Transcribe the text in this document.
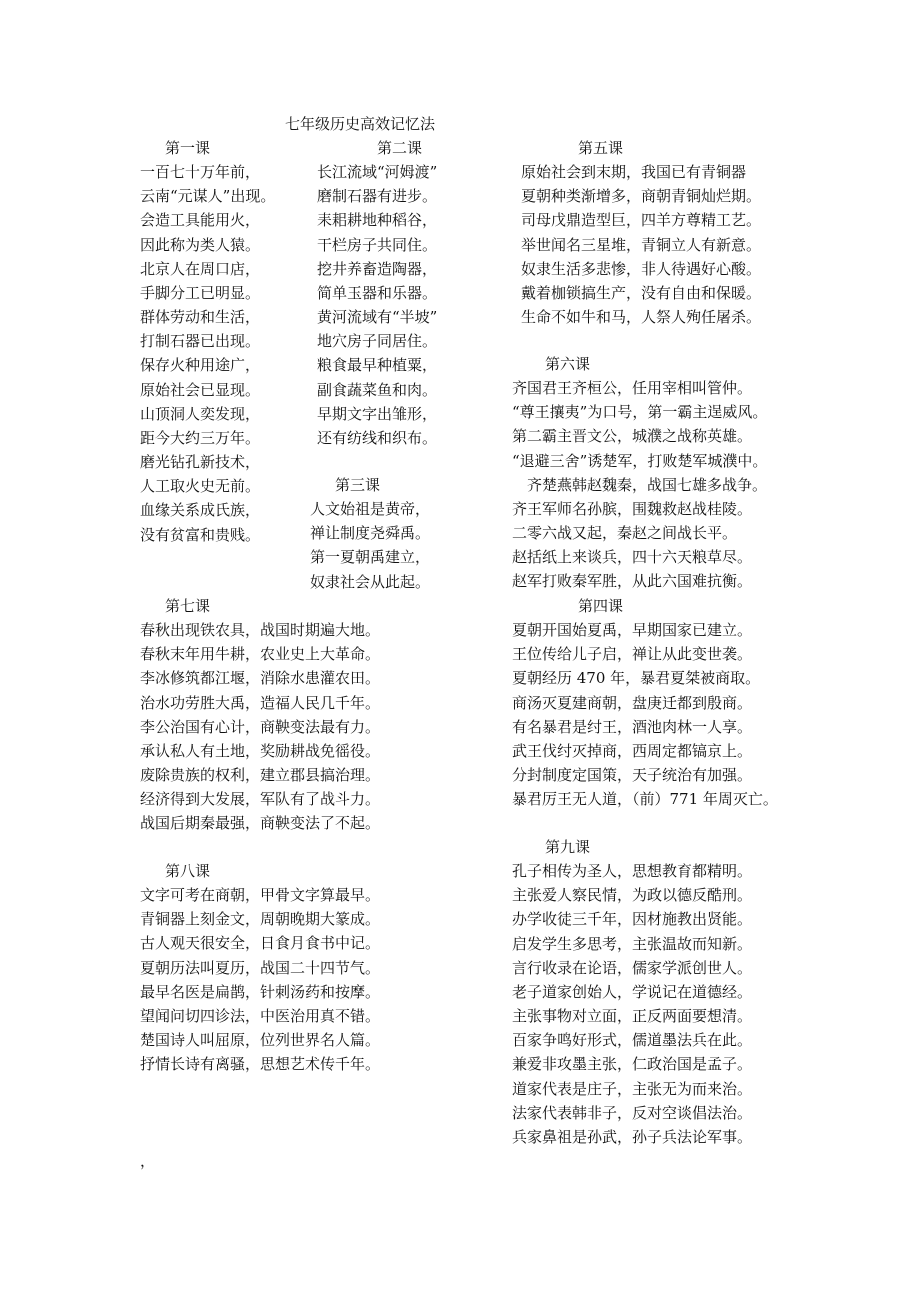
七年级历史高效记忆法
第一课
一百七十万年前，
云南“元谋人”出现。
会造工具能用火，
因此称为类人猿。
北京人在周口店，
手脚分工已明显。
群体劳动和生活，
打制石器已出现。
保存火种用途广，
原始社会已显现。
山顶洞人奕发现，
距今大约三万年。
磨光钻孔新技术，
人工取火史无前。
血缘关系成氏族，
没有贫富和贵贱。
第二课
长江流域“河姆渡”
磨制石器有进步。
耒耜耕地种稻谷，
干栏房子共同住。
挖井养畜造陶器，
简单玉器和乐器。
黄河流域有“半坡”
地穴房子同居住。
粮食最早种植粟，
副食蔬菜鱼和肉。
早期文字出雏形，
还有纺线和织布。
第三课
人文始祖是黄帝，
禅让制度尧舜禹。
第一夏朝禹建立，
奴隶社会从此起。
第五课
原始社会到末期，我国已有青铜器
夏朝种类渐增多，商朝青铜灿烂期。
司母戊鼎造型巨，四羊方尊精工艺。
举世闻名三星堆，青铜立人有新意。
奴隶生活多悲惨，非人待遇好心酸。
戴着枷锁搞生产，没有自由和保暖。
生命不如牛和马，人祭人殉任屠杀。
第六课
齐国君王齐桓公，任用宰相叫管仲。
“尊王攘夷”为口号，第一霸主逞威风。
第二霸主晋文公，城濮之战称英雄。
“退避三舍”诱楚军，打败楚军城濮中。
　齐楚燕韩赵魏秦，战国七雄多战争。
齐王军师名孙膑，围魏救赵战桂陵。
二零六战又起，秦赵之间战长平。
赵括纸上来谈兵，四十六天粮草尽。
赵军打败秦军胜，从此六国难抗衡。
第七课
春秋出现铁农具，战国时期遍大地。
春秋末年用牛耕，农业史上大革命。
李冰修筑都江堰，消除水患灌农田。
治水功劳胜大禹，造福人民几千年。
李公治国有心计，商鞅变法最有力。
承认私人有土地，奖励耕战免徭役。
废除贵族的权利，建立郡县搞治理。
经济得到大发展，军队有了战斗力。
战国后期秦最强，商鞅变法了不起。
第四课
夏朝开国始夏禹，早期国家已建立。
王位传给儿子启，禅让从此变世袭。
夏朝经历 470 年，暴君夏桀被商取。
商汤灭夏建商朝，盘庚迁都到殷商。
有名暴君是纣王，酒池肉林一人享。
武王伐纣灭掉商，西周定都镐京上。
分封制度定国策，天子统治有加强。
暴君厉王无人道，（前）771 年周灭亡。
第八课
文字可考在商朝，甲骨文字算最早。
青铜器上刻金文，周朝晚期大篆成。
古人观天很安全，日食月食书中记。
夏朝历法叫夏历，战国二十四节气。
最早名医是扁鹊，针刺汤药和按摩。
望闻问切四诊法，中医治用真不错。
楚国诗人叫屈原，位列世界名人篇。
抒情长诗有离骚，思想艺术传千年。
第九课
孔子相传为圣人，思想教育都精明。
主张爱人察民情，为政以德反酷刑。
办学收徒三千年，因材施教出贤能。
启发学生多思考，主张温故而知新。
言行收录在论语，儒家学派创世人。
老子道家创始人，学说记在道德经。
主张事物对立面，正反两面要想清。
百家争鸣好形式，儒道墨法兵在此。
兼爱非攻墨主张，仁政治国是孟子。
道家代表是庄子，主张无为而来治。
法家代表韩非子，反对空谈倡法治。
兵家鼻祖是孙武，孙子兵法论军事。
，
